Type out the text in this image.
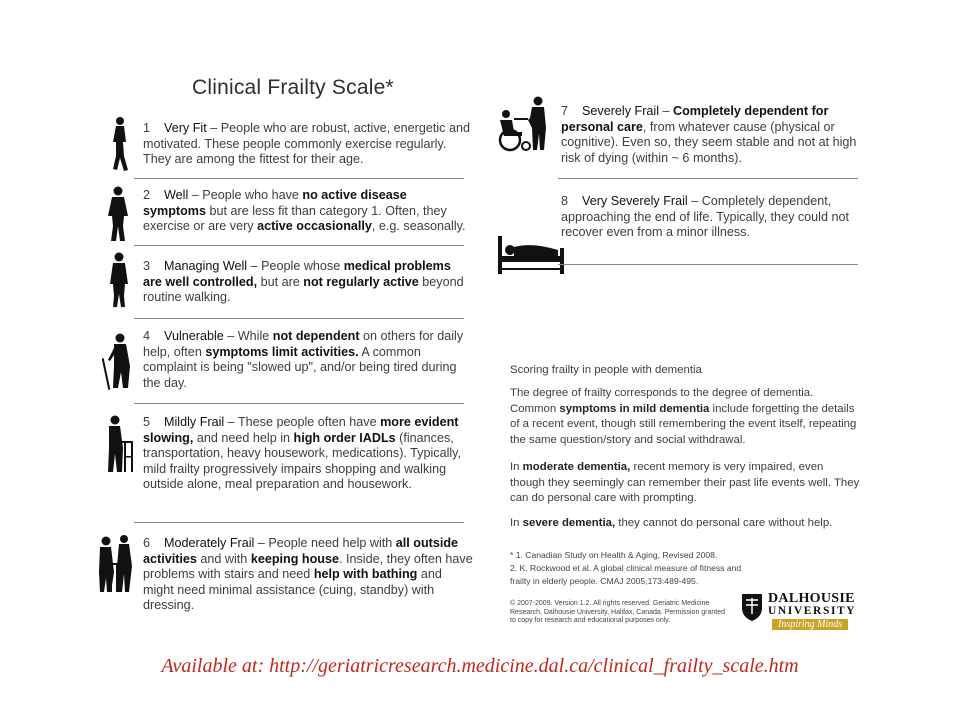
Clinical Frailty Scale*
1 Very Fit – People who are robust, active, energetic and motivated. These people commonly exercise regularly. They are among the fittest for their age.
2 Well – People who have no active disease symptoms but are less fit than category 1. Often, they exercise or are very active occasionally, e.g. seasonally.
3 Managing Well – People whose medical problems are well controlled, but are not regularly active beyond routine walking.
4 Vulnerable – While not dependent on others for daily help, often symptoms limit activities. A common complaint is being "slowed up", and/or being tired during the day.
5 Mildly Frail – These people often have more evident slowing, and need help in high order IADLs (finances, transportation, heavy housework, medications). Typically, mild frailty progressively impairs shopping and walking outside alone, meal preparation and housework.
6 Moderately Frail – People need help with all outside activities and with keeping house. Inside, they often have problems with stairs and need help with bathing and might need minimal assistance (cuing, standby) with dressing.
7 Severely Frail – Completely dependent for personal care, from whatever cause (physical or cognitive). Even so, they seem stable and not at high risk of dying (within ~ 6 months).
8 Very Severely Frail – Completely dependent, approaching the end of life. Typically, they could not recover even from a minor illness.
Scoring frailty in people with dementia
The degree of frailty corresponds to the degree of dementia. Common symptoms in mild dementia include forgetting the details of a recent event, though still remembering the event itself, repeating the same question/story and social withdrawal.
In moderate dementia, recent memory is very impaired, even though they seemingly can remember their past life events well. They can do personal care with prompting.
In severe dementia, they cannot do personal care without help.
* 1. Canadian Study on Health & Aging, Revised 2008.
2. K. Rockwood et al. A global clinical measure of fitness and frailty in elderly people. CMAJ 2005;173:489-495.
© 2007-2009. Version 1.2. All rights reserved. Geriatric Medicine Research, Dalhousie University, Halifax, Canada. Permission granted to copy for research and educational purposes only.
DALHOUSIE
UNIVERSITY
Inspiring Minds
Available at: http://geriatricresearch.medicine.dal.ca/clinical_frailty_scale.htm
